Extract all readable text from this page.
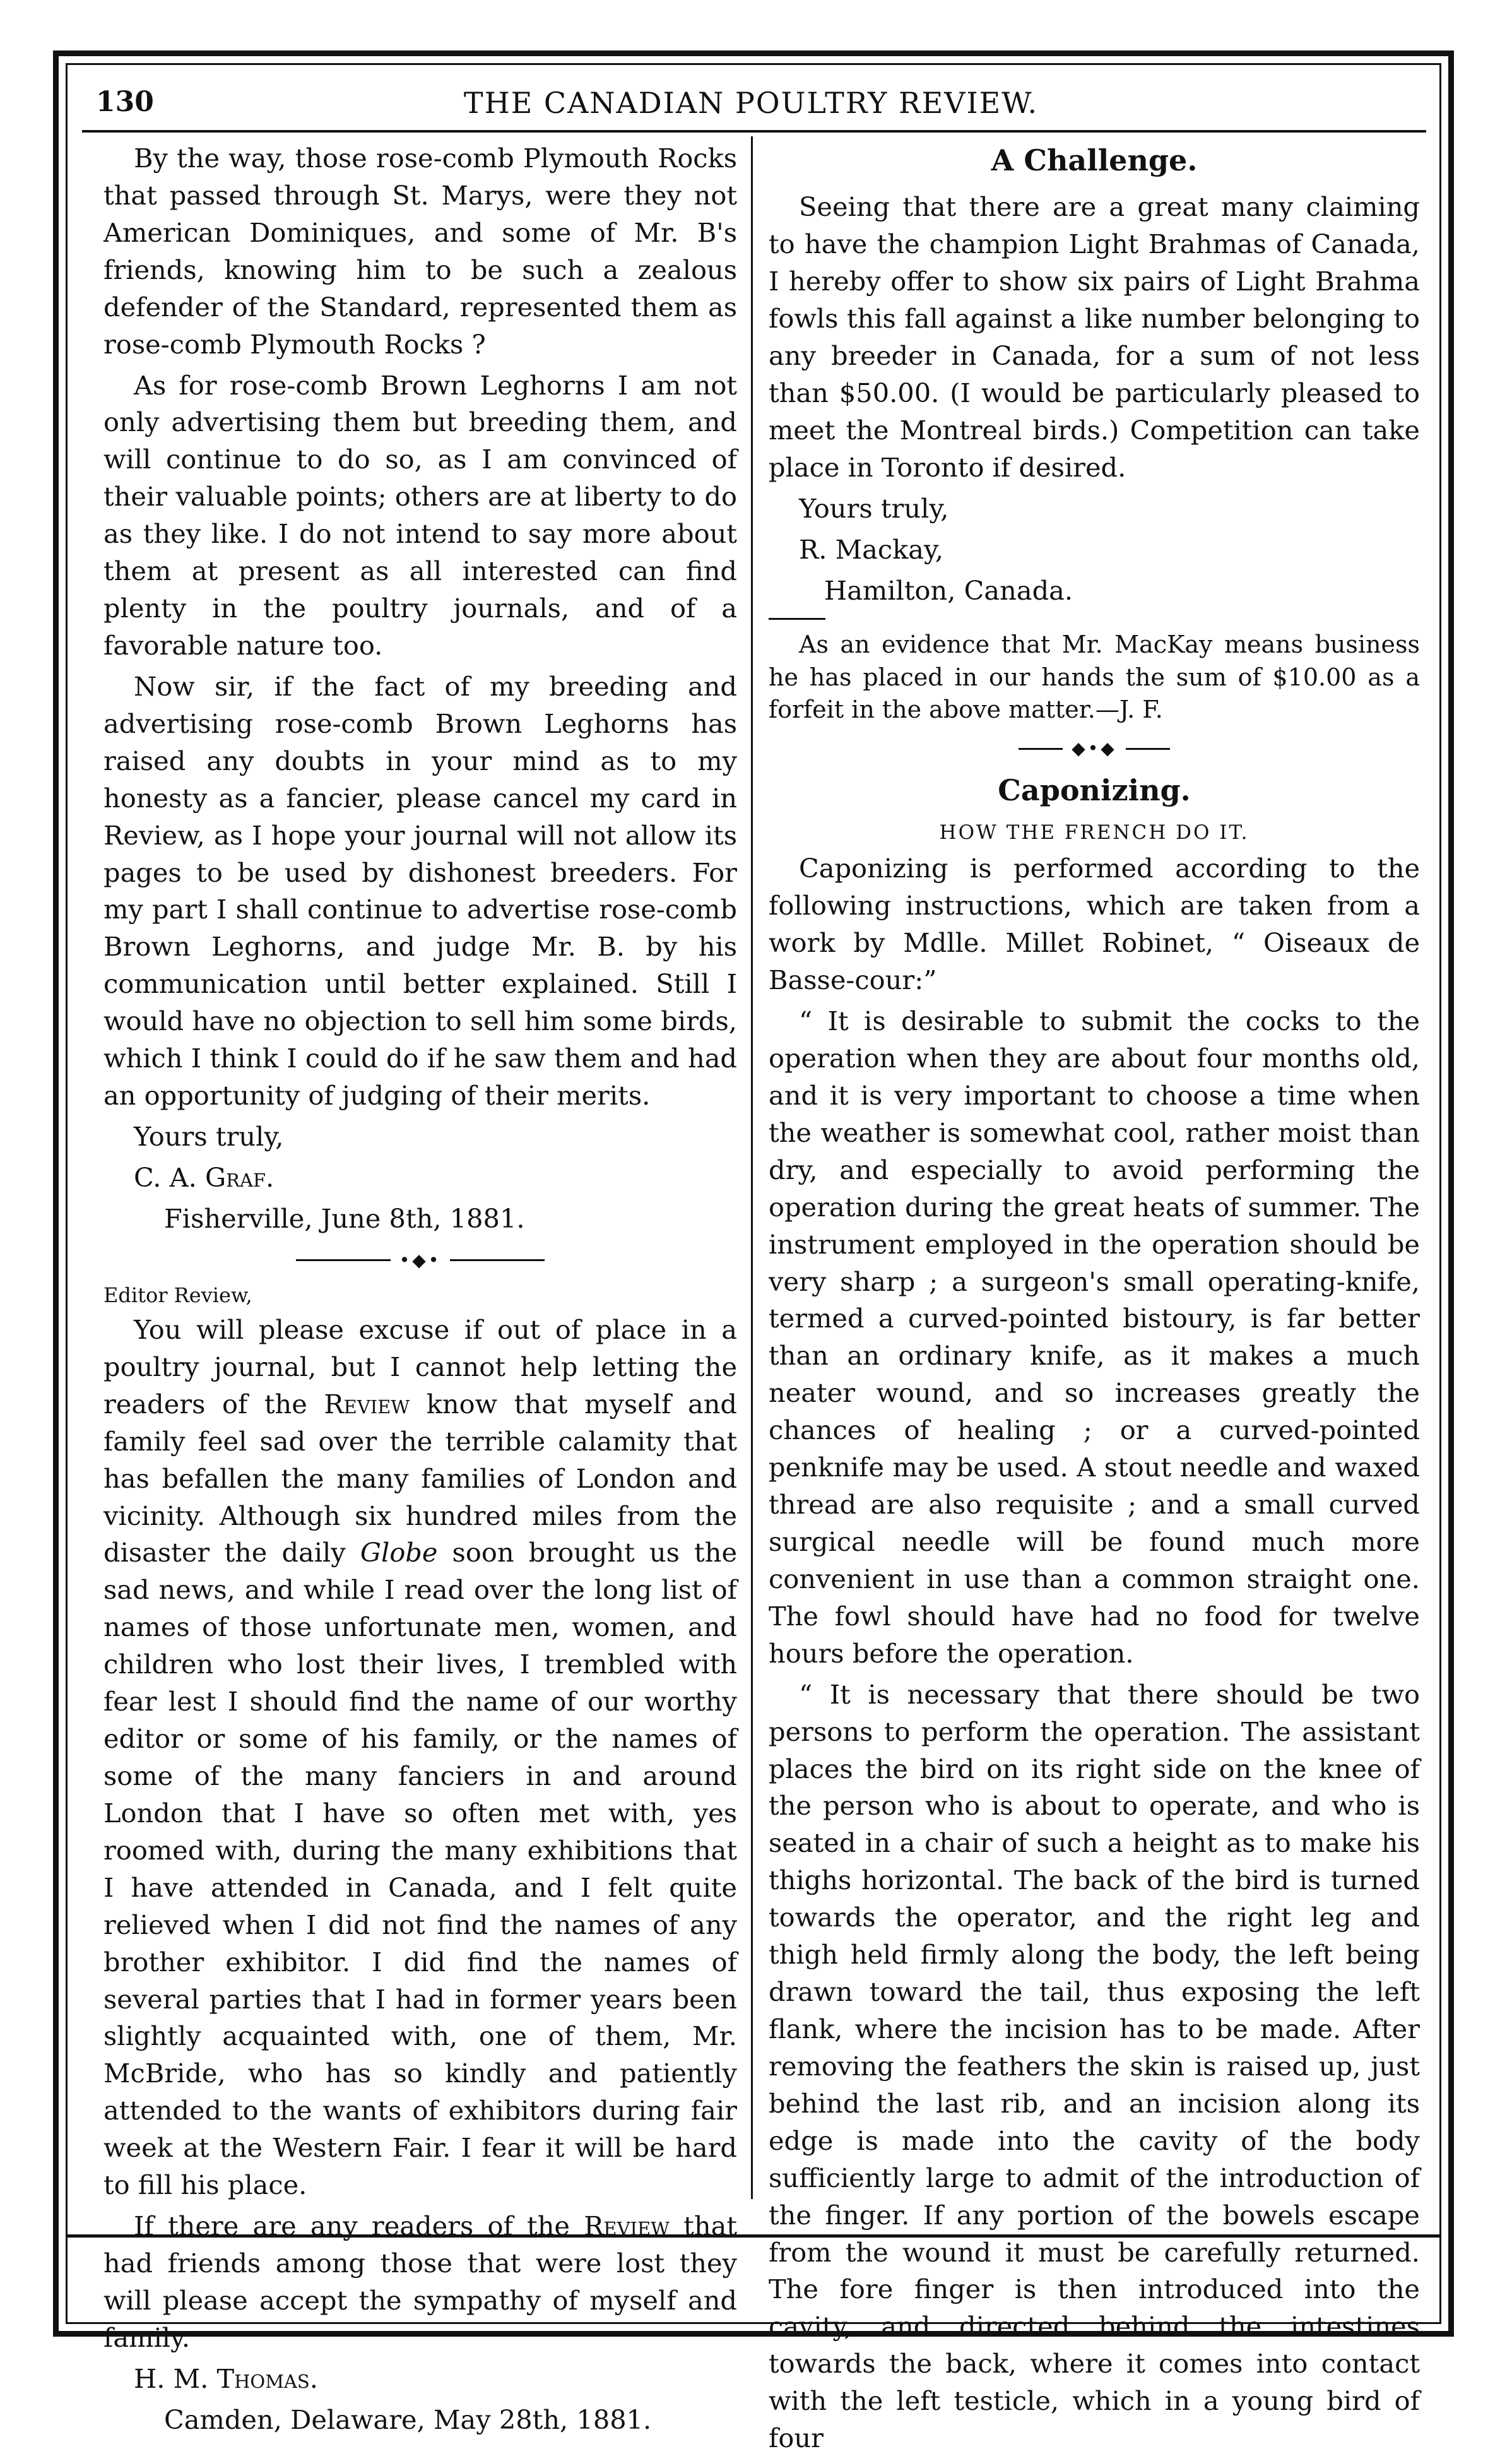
130	THE CANADIAN POULTRY REVIEW.

By the way, those rose-comb Plymouth Rocks that passed through St. Marys, were they not American Dominiques, and some of Mr. B's friends, knowing him to be such a zealous defender of the Standard, represented them as rose-comb Plymouth Rocks ?

As for rose-comb Brown Leghorns I am not only advertising them but breeding them, and will continue to do so, as I am convinced of their valuable points; others are at liberty to do as they like. I do not intend to say more about them at present as all interested can find plenty in the poultry journals, and of a favorable nature too.

Now sir, if the fact of my breeding and advertising rose-comb Brown Leghorns has raised any doubts in your mind as to my honesty as a fancier, please cancel my card in Review, as I hope your journal will not allow its pages to be used by dishonest breeders. For my part I shall continue to advertise rose-comb Brown Leghorns, and judge Mr. B. by his communication until better explained. Still I would have no objection to sell him some birds, which I think I could do if he saw them and had an opportunity of judging of their merits.

Yours truly,

C. A. Graf.

Fisherville, June 8th, 1881.

•◆•
Editor Review,

You will please excuse if out of place in a poultry journal, but I cannot help letting the readers of the Review know that myself and family feel sad over the terrible calamity that has befallen the many families of London and vicinity. Although six hundred miles from the disaster the daily Globe soon brought us the sad news, and while I read over the long list of names of those unfortunate men, women, and children who lost their lives, I trembled with fear lest I should find the name of our worthy editor or some of his family, or the names of some of the many fanciers in and around London that I have so often met with, yes roomed with, during the many exhibitions that I have attended in Canada, and I felt quite relieved when I did not find the names of any brother exhibitor. I did find the names of several parties that I had in former years been slightly acquainted with, one of them, Mr. McBride, who has so kindly and patiently attended to the wants of exhibitors during fair week at the Western Fair. I fear it will be hard to fill his place.

If there are any readers of the Review that had friends among those that were lost they will please accept the sympathy of myself and family.

H. M. Thomas.

Camden, Delaware, May 28th, 1881.

A Challenge.

Seeing that there are a great many claiming to have the champion Light Brahmas of Canada, I hereby offer to show six pairs of Light Brahma fowls this fall against a like number belonging to any breeder in Canada, for a sum of not less than $50.00. (I would be particularly pleased to meet the Montreal birds.) Competition can take place in Toronto if desired.

Yours truly,

R. Mackay,

Hamilton, Canada.

As an evidence that Mr. MacKay means business he has placed in our hands the sum of $10.00 as a forfeit in the above matter.—J. F.

◆•◆
Caponizing.
HOW THE FRENCH DO IT.

Caponizing is performed according to the following instructions, which are taken from a work by Mdlle. Millet Robinet, “ Oiseaux de Basse-cour:”

“ It is desirable to submit the cocks to the operation when they are about four months old, and it is very important to choose a time when the weather is somewhat cool, rather moist than dry, and especially to avoid performing the operation during the great heats of summer. The instrument employed in the operation should be very sharp ; a surgeon's small operating-knife, termed a curved-pointed bistoury, is far better than an ordinary knife, as it makes a much neater wound, and so increases greatly the chances of healing ; or a curved-pointed penknife may be used. A stout needle and waxed thread are also requisite ; and a small curved surgical needle will be found much more convenient in use than a common straight one. The fowl should have had no food for twelve hours before the operation.

“ It is necessary that there should be two persons to perform the operation. The assistant places the bird on its right side on the knee of the person who is about to operate, and who is seated in a chair of such a height as to make his thighs horizontal. The back of the bird is turned towards the operator, and the right leg and thigh held firmly along the body, the left being drawn toward the tail, thus exposing the left flank, where the incision has to be made. After removing the feathers the skin is raised up, just behind the last rib, and an incision along its edge is made into the cavity of the body sufficiently large to admit of the introduction of the finger. If any portion of the bowels escape from the wound it must be carefully returned. The fore finger is then introduced into the cavity, and directed behind the intestines towards the back, where it comes into contact with the left testicle, which in a young bird of four
